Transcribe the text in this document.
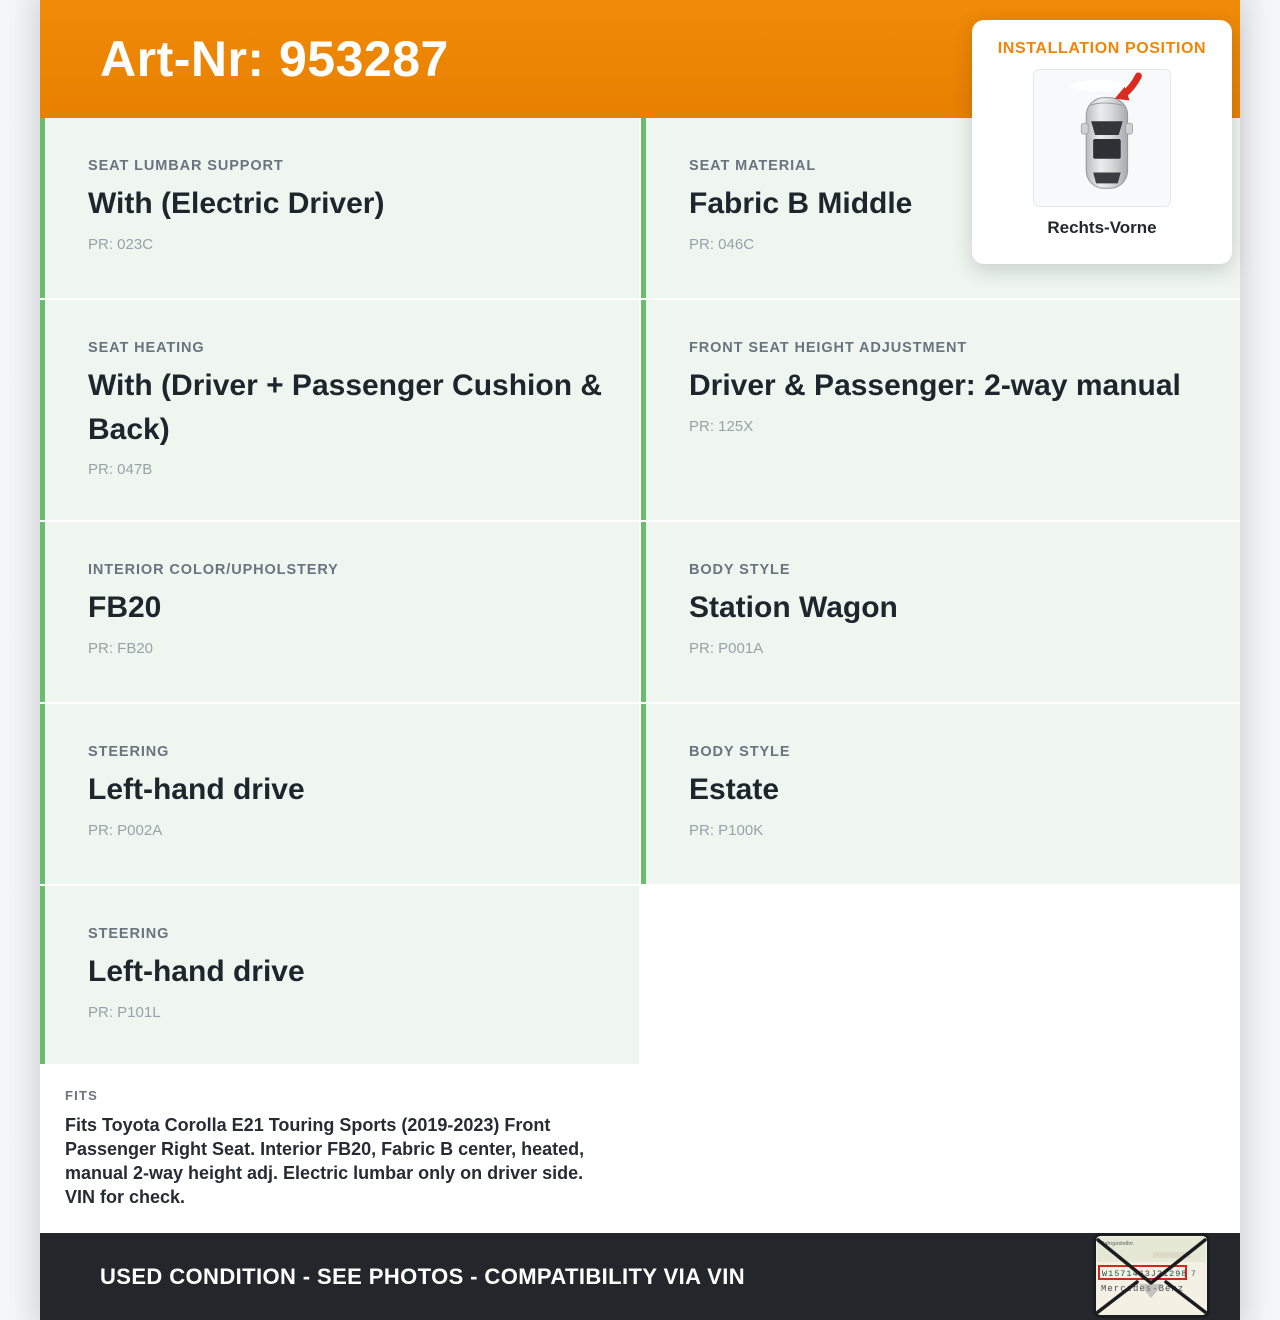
Art-Nr: 953287
SEAT LUMBAR SUPPORT
With (Electric Driver)
PR: 023C
SEAT MATERIAL
Fabric B Middle
PR: 046C
SEAT HEATING
With (Driver + Passenger Cushion & Back)
PR: 047B
FRONT SEAT HEIGHT ADJUSTMENT
Driver & Passenger: 2-way manual
PR: 125X
INTERIOR COLOR/UPHOLSTERY
FB20
PR: FB20
BODY STYLE
Station Wagon
PR: P001A
STEERING
Left-hand drive
PR: P002A
BODY STYLE
Estate
PR: P100K
STEERING
Left-hand drive
PR: P101L
FITS
Fits Toyota Corolla E21 Touring Sports (2019-2023) Front Passenger Right Seat. Interior FB20, Fabric B center, heated, manual 2-way height adj. Electric lumbar only on driver side. VIN for check.
USED CONDITION - SEE PHOTOS - COMPATIBILITY VIA VIN
Fahrgestellnr.
W1571463J31298 7
Mercedes-Benz
INSTALLATION POSITION
Rechts-Vorne
